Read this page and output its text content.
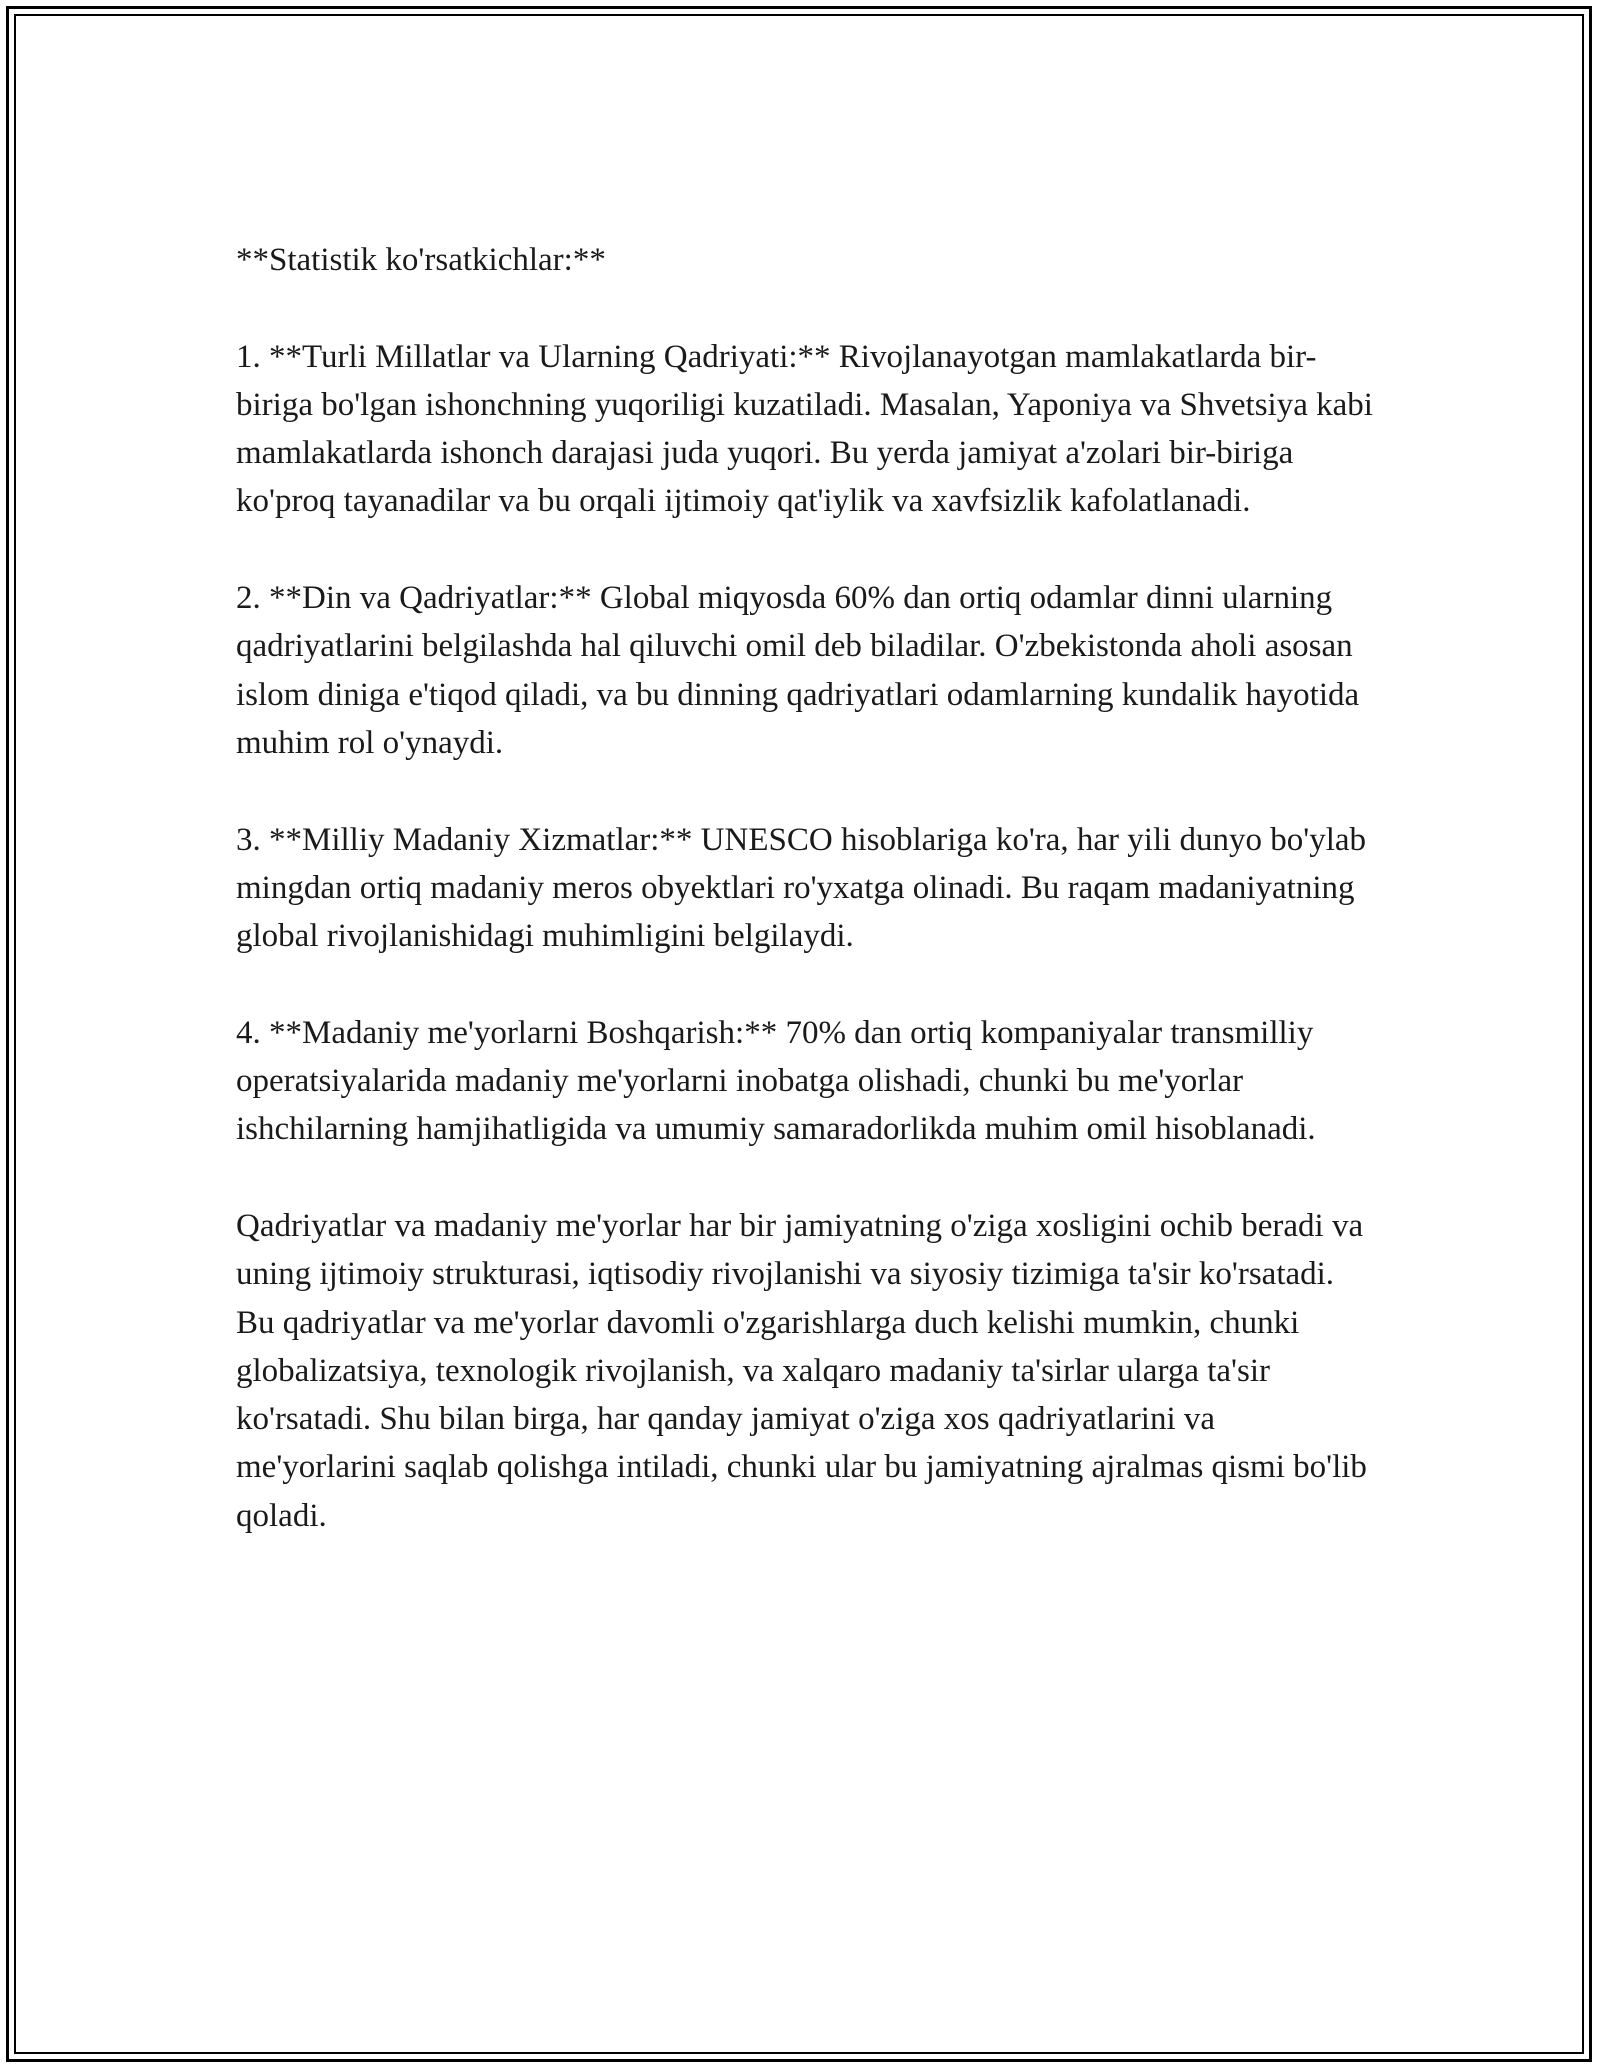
**Statistik ko'rsatkichlar:**

1. **Turli Millatlar va Ularning Qadriyati:** Rivojlanayotgan mamlakatlarda bir-biriga bo'lgan ishonchning yuqoriligi kuzatiladi. Masalan, Yaponiya va Shvetsiya kabi mamlakatlarda ishonch darajasi juda yuqori. Bu yerda jamiyat a'zolari bir-biriga ko'proq tayanadilar va bu orqali ijtimoiy qat'iylik va xavfsizlik kafolatlanadi.

2. **Din va Qadriyatlar:** Global miqyosda 60% dan ortiq odamlar dinni ularning qadriyatlarini belgilashda hal qiluvchi omil deb biladilar. O'zbekistonda aholi asosan islom diniga e'tiqod qiladi, va bu dinning qadriyatlari odamlarning kundalik hayotida muhim rol o'ynaydi.

3. **Milliy Madaniy Xizmatlar:** UNESCO hisoblariga ko'ra, har yili dunyo bo'ylab mingdan ortiq madaniy meros obyektlari ro'yxatga olinadi. Bu raqam madaniyatning global rivojlanishidagi muhimligini belgilaydi.

4. **Madaniy me'yorlarni Boshqarish:** 70% dan ortiq kompaniyalar transmilliy operatsiyalarida madaniy me'yorlarni inobatga olishadi, chunki bu me'yorlar ishchilarning hamjihatligida va umumiy samaradorlikda muhim omil hisoblanadi.

Qadriyatlar va madaniy me'yorlar har bir jamiyatning o'ziga xosligini ochib beradi va uning ijtimoiy strukturasi, iqtisodiy rivojlanishi va siyosiy tizimiga ta'sir ko'rsatadi. Bu qadriyatlar va me'yorlar davomli o'zgarishlarga duch kelishi mumkin, chunki globalizatsiya, texnologik rivojlanish, va xalqaro madaniy ta'sirlar ularga ta'sir ko'rsatadi. Shu bilan birga, har qanday jamiyat o'ziga xos qadriyatlarini va me'yorlarini saqlab qolishga intiladi, chunki ular bu jamiyatning ajralmas qismi bo'lib qoladi.
